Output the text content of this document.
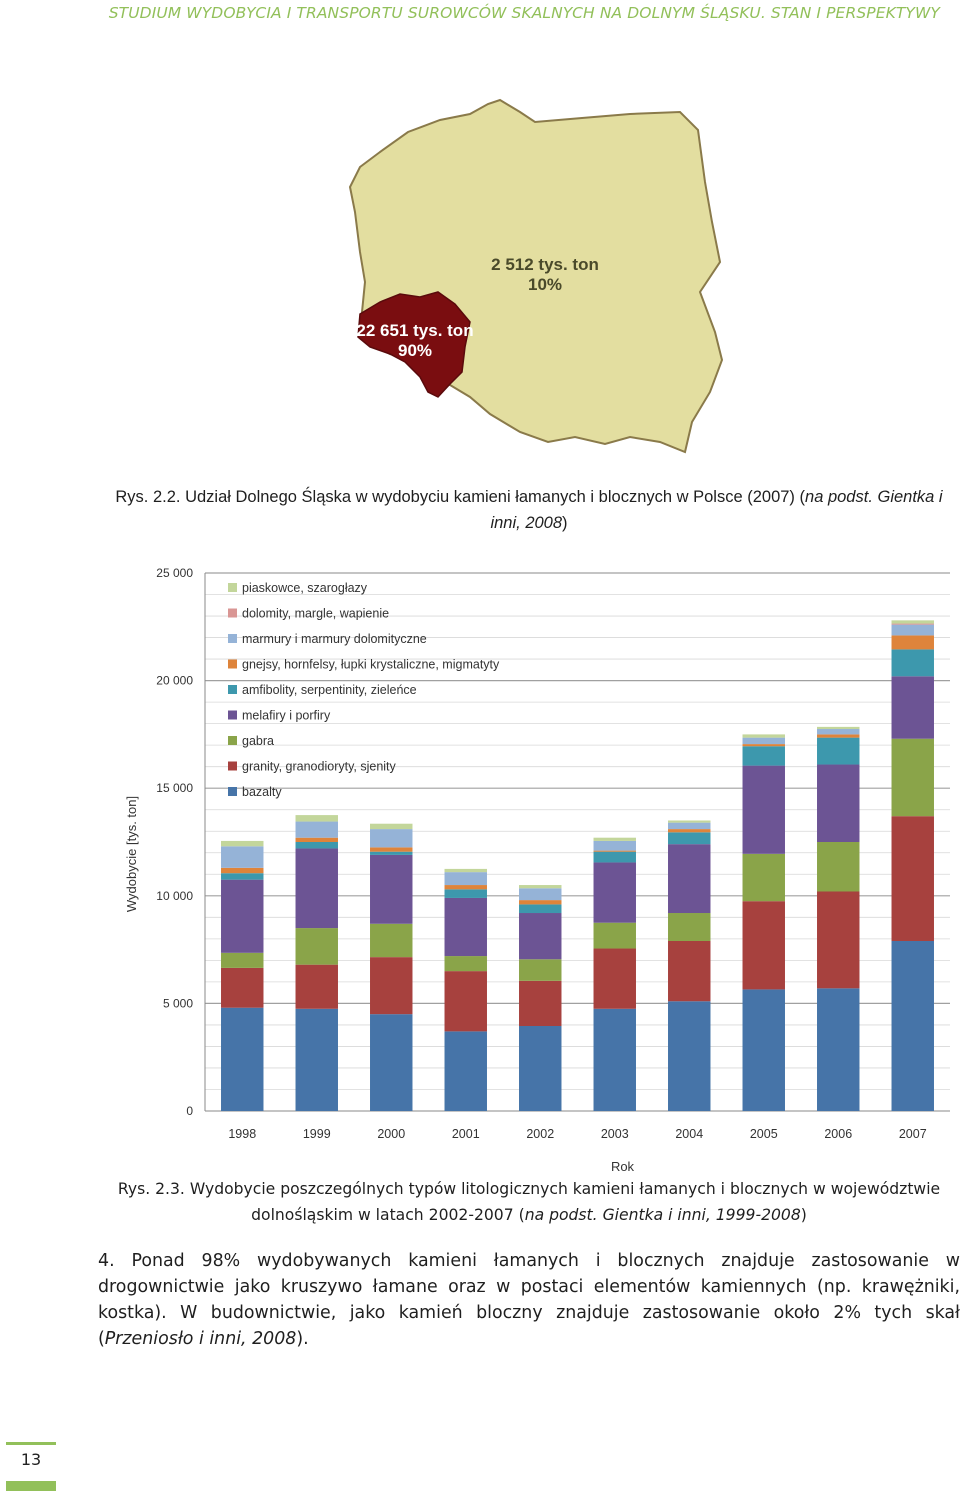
STUDIUM WYDOBYCIA I TRANSPORTU SUROWCÓW SKALNYCH NA DOLNYM ŚLĄSKU. STAN I PERSPEKTYWY
2 512 tys. ton
10%
22 651 tys. ton
90%
Rys. 2.2. Udział Dolnego Śląska w wydobyciu kamieni łamanych i blocznych w Polsce (2007) (na podst. Gientka i
inni, 2008)
0
5 000
10 000
15 000
20 000
25 000
Wydobycie [tys. ton]
1998	1999	2000	2001	2002	2003	2004	2005	2006	2007
Rok
piaskowce, szarogłazy
dolomity, margle, wapienie
marmury i marmury dolomityczne
gnejsy, hornfelsy, łupki krystaliczne, migmatyty
amfibolity, serpentinity, zieleńce
melafiry i porfiry
gabra
granity, granodioryty, sjenity
bazalty
Rys. 2.3. Wydobycie poszczególnych typów litologicznych kamieni łamanych i blocznych w województwie
dolnośląskim w latach 2002-2007 (na podst. Gientka i inni, 1999-2008)
4. Ponad 98% wydobywanych kamieni łamanych i blocznych znajduje zastosowanie w drogownictwie jako kruszywo łamane oraz w postaci elementów kamiennych (np. krawężniki, kostka). W budownictwie, jako kamień bloczny znajduje zastosowanie około 2% tych skał (Przeniosło i inni, 2008).
13
